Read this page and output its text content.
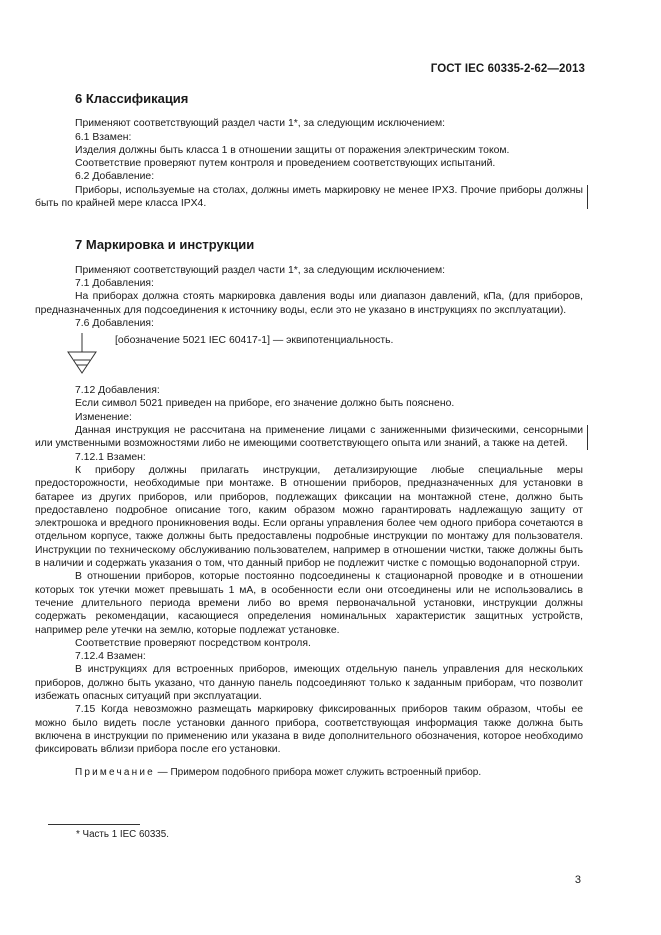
ГОСТ IEC 60335-2-62—2013
6 Классификация

Применяют соответствующий раздел части 1*, за следующим исключением:

6.1 Взамен:

Изделия должны быть класса 1 в отношении защиты от поражения электрическим током.

Соответствие проверяют путем контроля и проведением соответствующих испытаний.

6.2 Добавление:

Приборы, используемые на столах, должны иметь маркировку не менее IPX3. Прочие приборы должны быть по крайней мере класса IPX4.

7 Маркировка и инструкции

Применяют соответствующий раздел части 1*, за следующим исключением:

7.1 Добавления:

На приборах должна стоять маркировка давления воды или диапазон давлений, кПа, (для приборов, предназначенных для подсоединения к источнику воды, если это не указано в инструкциях по эксплуатации).

7.6 Добавления:

[обозначение 5021 IEC 60417-1] — эквипотенциальность.

7.12 Добавления:

Если символ 5021 приведен на приборе, его значение должно быть пояснено.

Изменение:

Данная инструкция не рассчитана на применение лицами с заниженными физическими, сенсорными или умственными возможностями либо не имеющими соответствующего опыта или знаний, а также на детей.

7.12.1 Взамен:

К прибору должны прилагать инструкции, детализирующие любые специальные меры предосторожности, необходимые при монтаже. В отношении приборов, предназначенных для установки в батарее из других приборов, или приборов, подлежащих фиксации на монтажной стене, должно быть предоставлено подробное описание того, каким образом можно гарантировать надлежащую защиту от электрошока и вредного проникновения воды. Если органы управления более чем одного прибора сочетаются в отдельном корпусе, также должны быть предоставлены подробные инструкции по монтажу для пользователя. Инструкции по техническому обслуживанию пользователем, например в отношении чистки, также должны быть в наличии и содержать указания о том, что данный прибор не подлежит чистке с помощью водонапорной струи.

В отношении приборов, которые постоянно подсоединены к стационарной проводке и в отношении которых ток утечки может превышать 1 мА, в особенности если они отсоединены или не использовались в течение длительного периода времени либо во время первоначальной установки, инструкции должны содержать рекомендации, касающиеся определения номинальных характеристик защитных устройств, например реле утечки на землю, которые подлежат установке.

Соответствие проверяют посредством контроля.

7.12.4 Взамен:

В инструкциях для встроенных приборов, имеющих отдельную панель управления для нескольких приборов, должно быть указано, что данную панель подсоединяют только к заданным приборам, что позволит избежать опасных ситуаций при эксплуатации.

7.15 Когда невозможно размещать маркировку фиксированных приборов таким образом, чтобы ее можно было видеть после установки данного прибора, соответствующая информация также должна быть включена в инструкции по применению или указана в виде дополнительного обозначения, которое необходимо фиксировать вблизи прибора после его установки.

Примечание — Примером подобного прибора может служить встроенный прибор.

* Часть 1 IEC 60335.
3
